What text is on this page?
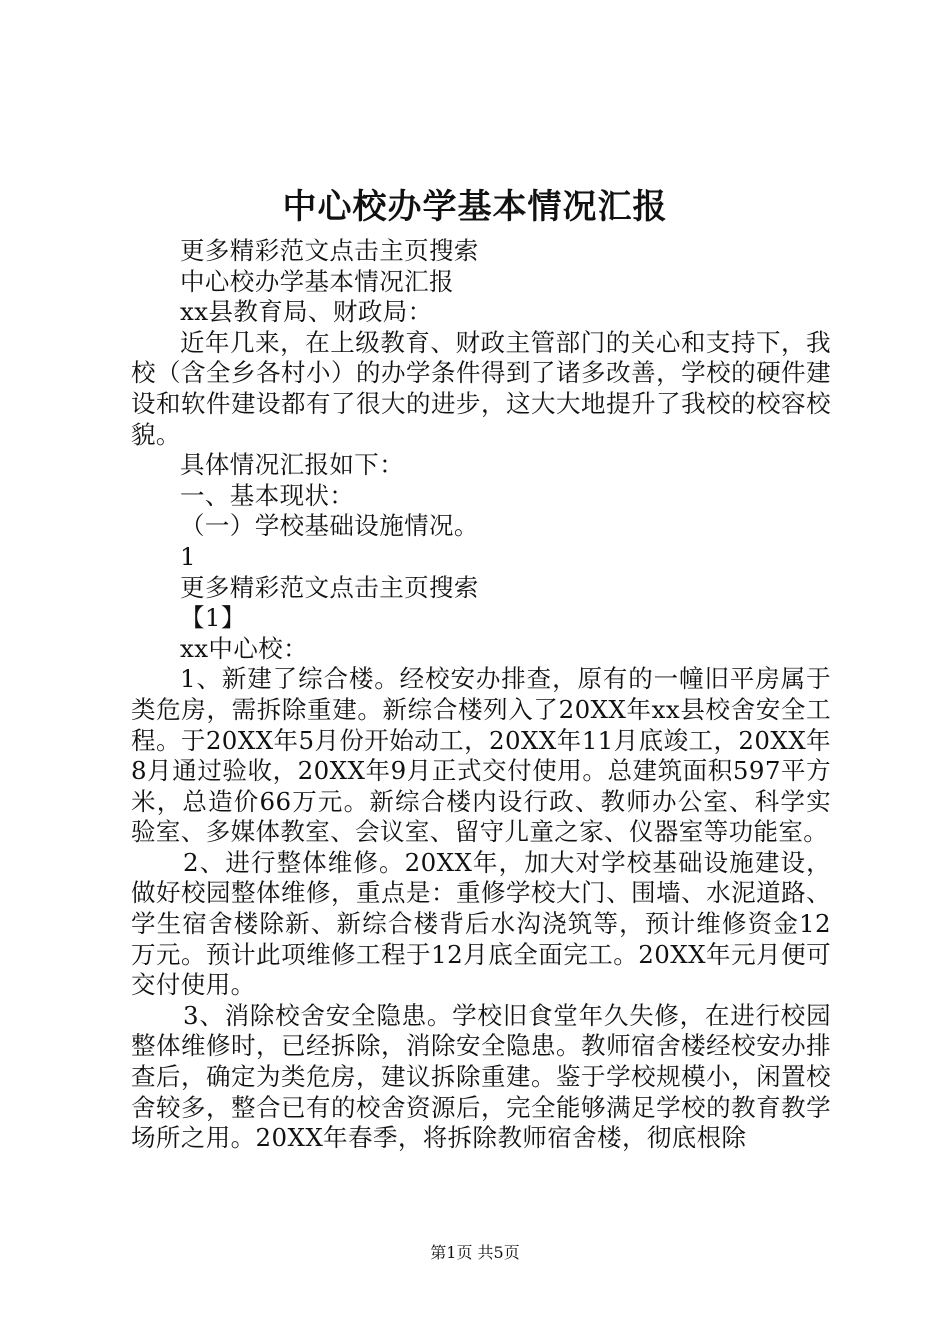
中心校办学基本情况汇报

更多精彩范文点击主页搜索

中心校办学基本情况汇报

xx县教育局、财政局：

近年几来，在上级教育、财政主管部门的关心和支持下，我校（含全乡各村小）的办学条件得到了诸多改善，学校的硬件建设和软件建设都有了很大的进步，这大大地提升了我校的校容校貌。

具体情况汇报如下：

一、基本现状：

（一）学校基础设施情况。

1

更多精彩范文点击主页搜索

【1】

xx中心校：

1、新建了综合楼。经校安办排查，原有的一幢旧平房属于类危房，需拆除重建。新综合楼列入了20XX年xx县校舍安全工程。于20XX年5月份开始动工，20XX年11月底竣工，20XX年8月通过验收，20XX年9月正式交付使用。总建筑面积597平方米，总造价66万元。新综合楼内设行政、教师办公室、科学实验室、多媒体教室、会议室、留守儿童之家、仪器室等功能室。

2、进行整体维修。20XX年，加大对学校基础设施建设，做好校园整体维修，重点是：重修学校大门、围墙、水泥道路、学生宿舍楼除新、新综合楼背后水沟浇筑等，预计维修资金12万元。预计此项维修工程于12月底全面完工。20XX年元月便可交付使用。

3、消除校舍安全隐患。学校旧食堂年久失修，在进行校园整体维修时，已经拆除，消除安全隐患。教师宿舍楼经校安办排查后，确定为类危房，建议拆除重建。鉴于学校规模小，闲置校舍较多，整合已有的校舍资源后，完全能够满足学校的教育教学场所之用。20XX年春季，将拆除教师宿舍楼，彻底根除

第1页 共5页
